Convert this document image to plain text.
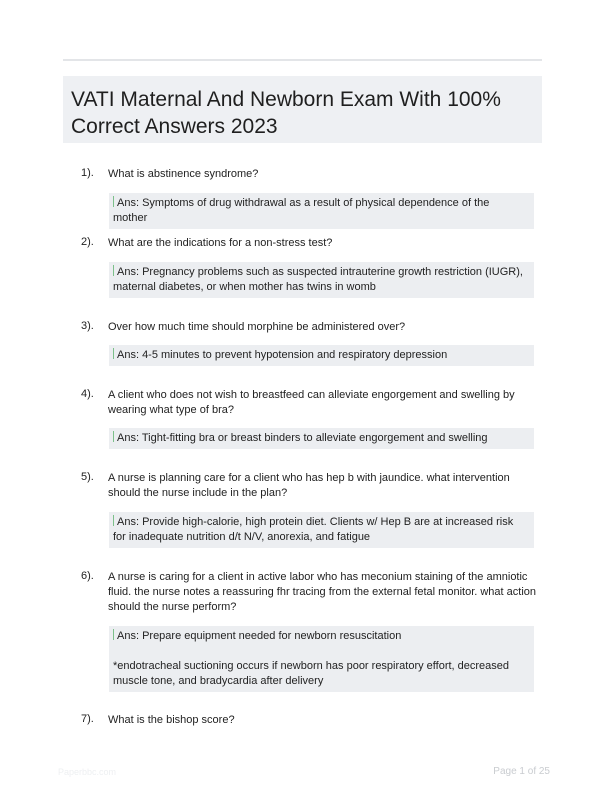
VATI Maternal And Newborn Exam With 100%
Correct Answers 2023
1). What is abstinence syndrome?
Ans: Symptoms of drug withdrawal as a result of physical dependence of the mother
2). What are the indications for a non-stress test?
Ans: Pregnancy problems such as suspected intrauterine growth restriction (IUGR), maternal diabetes, or when mother has twins in womb
3). Over how much time should morphine be administered over?
Ans: 4-5 minutes to prevent hypotension and respiratory depression
4). A client who does not wish to breastfeed can alleviate engorgement and swelling by wearing what type of bra?
Ans: Tight-fitting bra or breast binders to alleviate engorgement and swelling
5). A nurse is planning care for a client who has hep b with jaundice. what intervention should the nurse include in the plan?
Ans: Provide high-calorie, high protein diet. Clients w/ Hep B are at increased risk for inadequate nutrition d/t N/V, anorexia, and fatigue
6). A nurse is caring for a client in active labor who has meconium staining of the amniotic fluid. the nurse notes a reassuring fhr tracing from the external fetal monitor. what action should the nurse perform?
Ans: Prepare equipment needed for newborn resuscitation
*endotracheal suctioning occurs if newborn has poor respiratory effort, decreased muscle tone, and bradycardia after delivery
7). What is the bishop score?
Paperbbc.com	Page 1 of 25
